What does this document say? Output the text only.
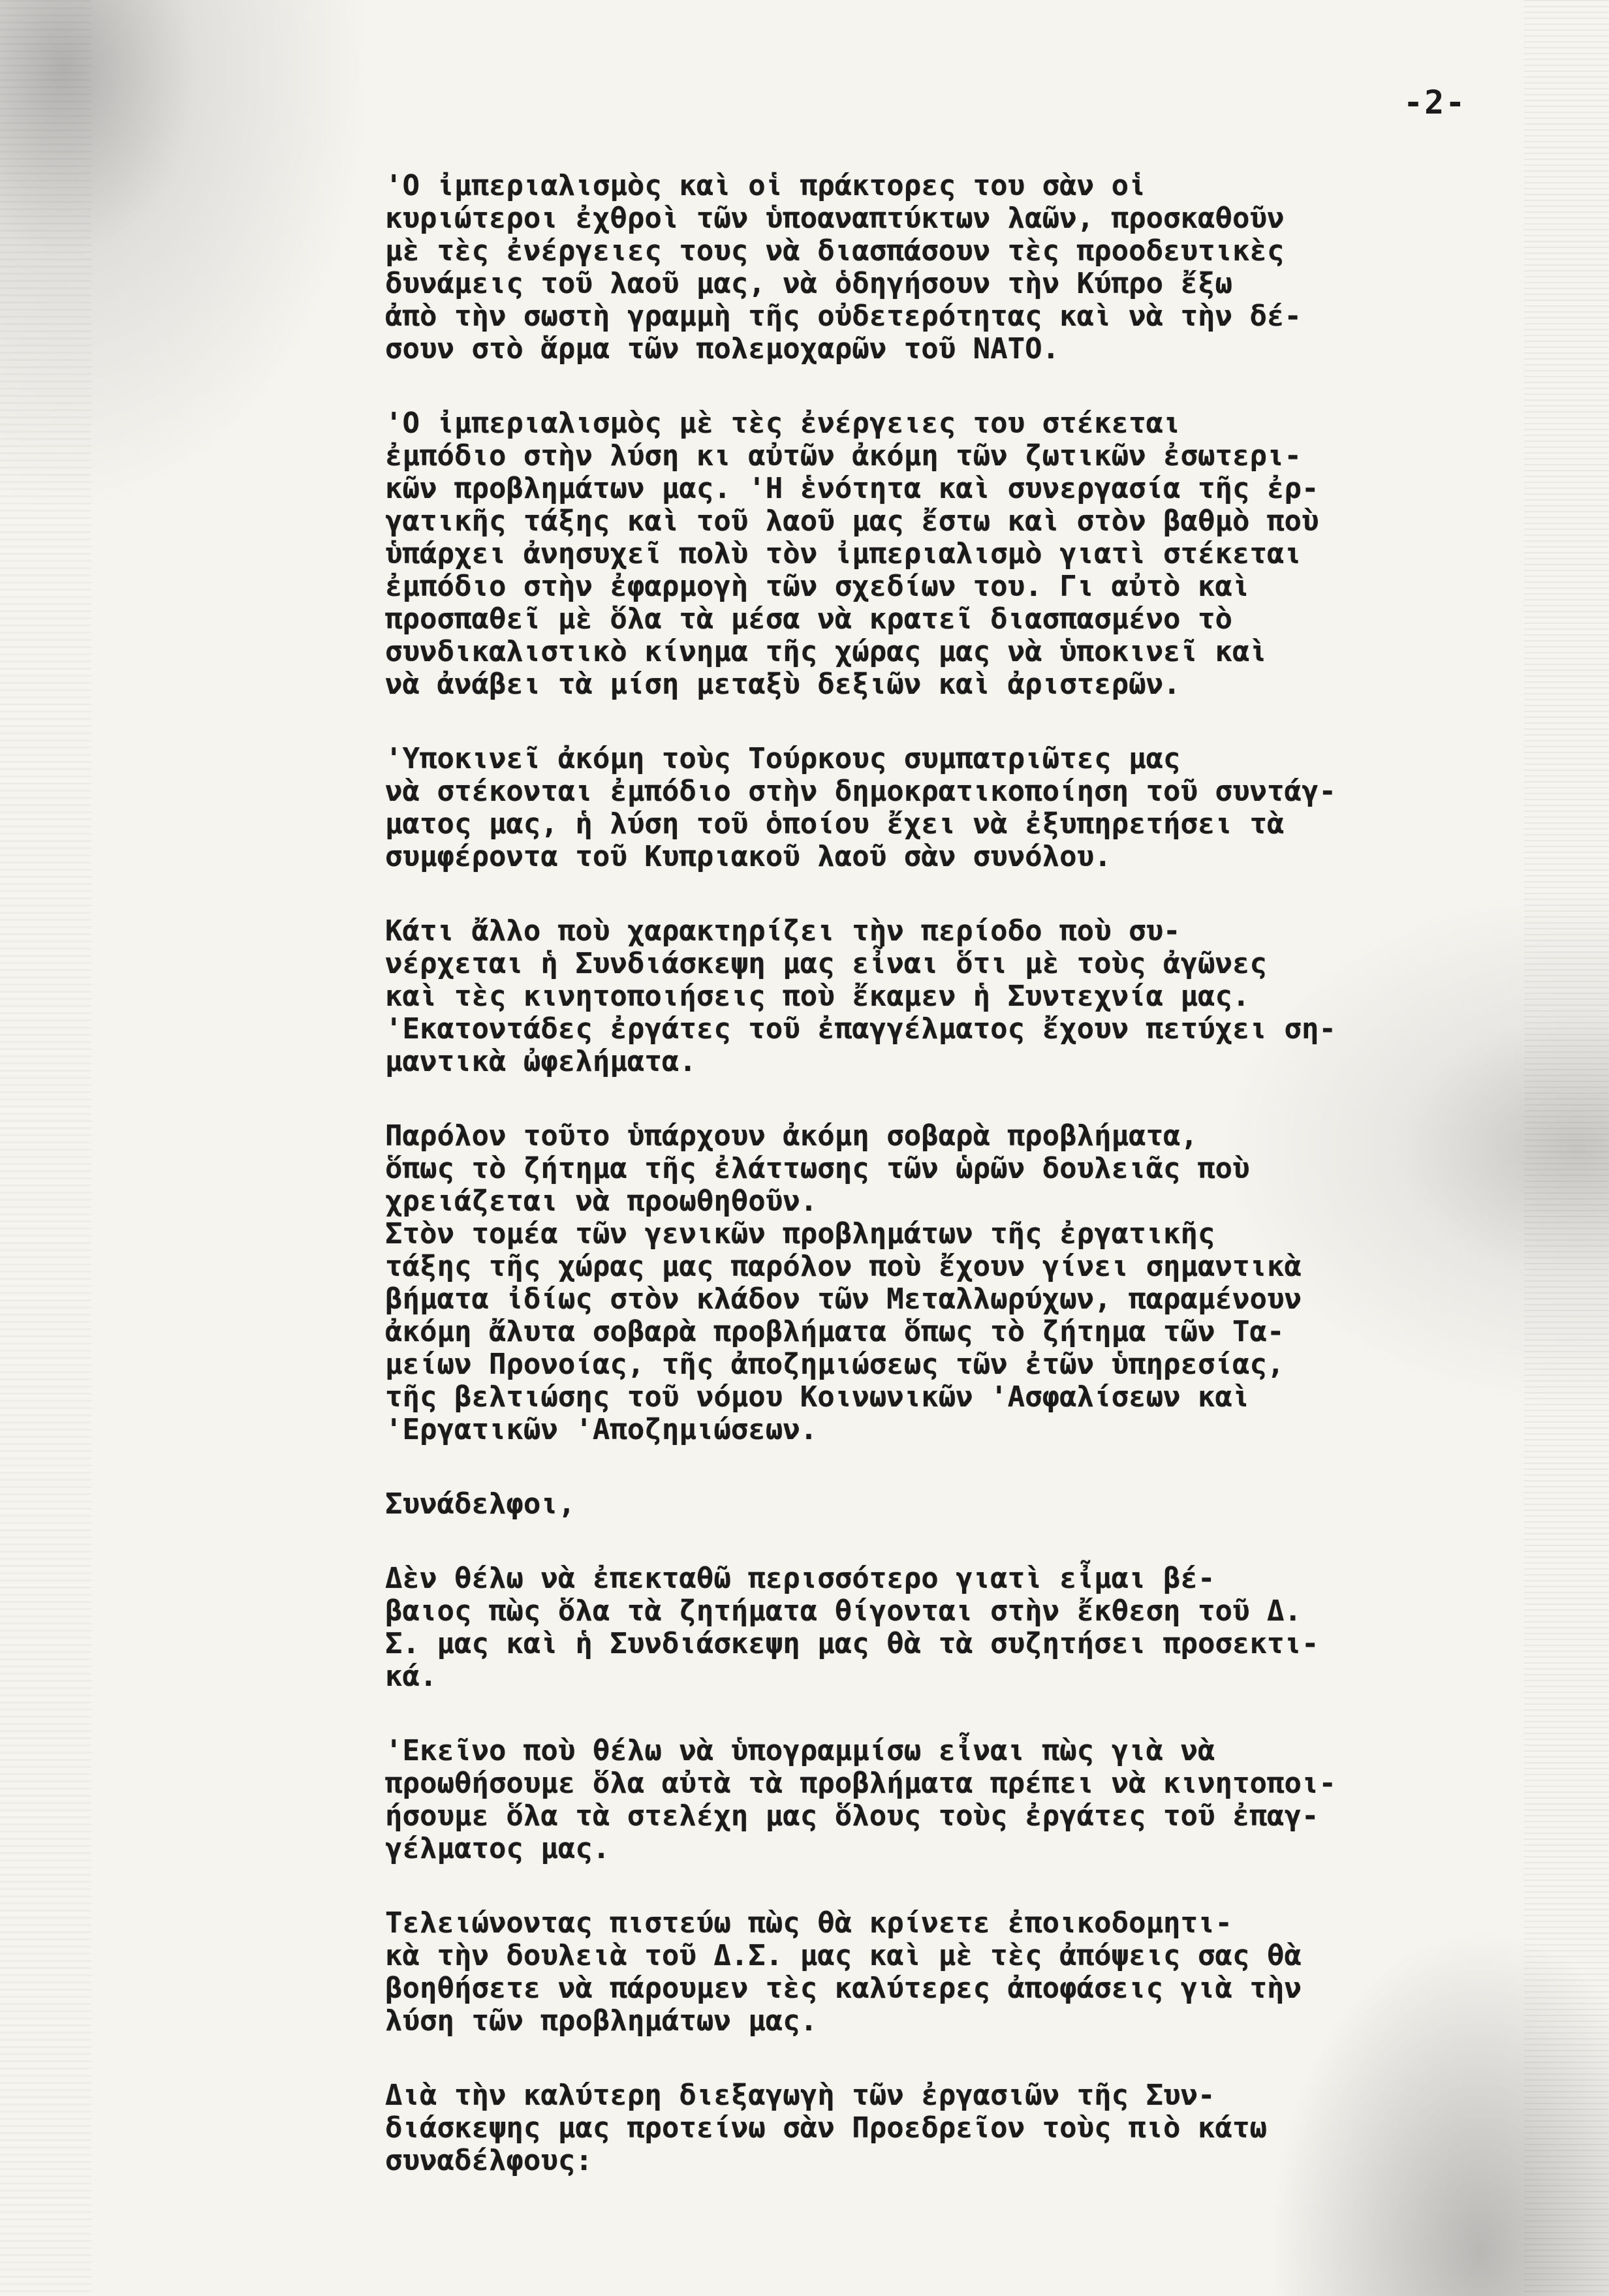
-2-
'Ο ἰμπεριαλισμὸς καὶ οἱ πράκτορες του σὰν οἱ
κυριώτεροι ἐχθροὶ τῶν ὑποαναπτύκτων λαῶν, προσκαθοῦν
μὲ τὲς ἐνέργειες τους νὰ διασπάσουν τὲς προοδευτικὲς
δυνάμεις τοῦ λαοῦ μας, νὰ ὁδηγήσουν τὴν Κύπρο ἔξω
ἀπὸ τὴν σωστὴ γραμμὴ τῆς οὐδετερότητας καὶ νὰ τὴν δέ-
σουν στὸ ἅρμα τῶν πολεμοχαρῶν τοῦ ΝΑΤΟ.
'Ο ἰμπεριαλισμὸς μὲ τὲς ἐνέργειες του στέκεται
ἐμπόδιο στὴν λύση κι αὐτῶν ἀκόμη τῶν ζωτικῶν ἐσωτερι-
κῶν προβλημάτων μας. 'Η ἑνότητα καὶ συνεργασία τῆς ἐρ-
γατικῆς τάξης καὶ τοῦ λαοῦ μας ἔστω καὶ στὸν βαθμὸ ποὺ
ὑπάρχει ἀνησυχεῖ πολὺ τὸν ἰμπεριαλισμὸ γιατὶ στέκεται
ἐμπόδιο στὴν ἐφαρμογὴ τῶν σχεδίων του. Γι αὐτὸ καὶ
προσπαθεῖ μὲ ὅλα τὰ μέσα νὰ κρατεῖ διασπασμένο τὸ
συνδικαλιστικὸ κίνημα τῆς χώρας μας νὰ ὑποκινεῖ καὶ
νὰ ἀνάβει τὰ μίση μεταξὺ δεξιῶν καὶ ἀριστερῶν.
'Υποκινεῖ ἀκόμη τοὺς Τούρκους συμπατριῶτες μας
νὰ στέκονται ἐμπόδιο στὴν δημοκρατικοποίηση τοῦ συντάγ-
ματος μας, ἡ λύση τοῦ ὁποίου ἔχει νὰ ἐξυπηρετήσει τὰ
συμφέροντα τοῦ Κυπριακοῦ λαοῦ σὰν συνόλου.
Κάτι ἄλλο ποὺ χαρακτηρίζει τὴν περίοδο ποὺ συ-
νέρχεται ἡ Συνδιάσκεψη μας εἶναι ὅτι μὲ τοὺς ἀγῶνες
καὶ τὲς κινητοποιήσεις ποὺ ἔκαμεν ἡ Συντεχνία μας.
'Εκατοντάδες ἐργάτες τοῦ ἐπαγγέλματος ἔχουν πετύχει ση-
μαντικὰ ὠφελήματα.
Παρόλον τοῦτο ὑπάρχουν ἀκόμη σοβαρὰ προβλήματα,
ὅπως τὸ ζήτημα τῆς ἐλάττωσης τῶν ὡρῶν δουλειᾶς ποὺ
χρειάζεται νὰ προωθηθοῦν.
Στὸν τομέα τῶν γενικῶν προβλημάτων τῆς ἐργατικῆς
τάξης τῆς χώρας μας παρόλον ποὺ ἔχουν γίνει σημαντικὰ
βήματα ἰδίως στὸν κλάδον τῶν Μεταλλωρύχων, παραμένουν
ἀκόμη ἄλυτα σοβαρὰ προβλήματα ὅπως τὸ ζήτημα τῶν Τα-
μείων Προνοίας, τῆς ἀποζημιώσεως τῶν ἐτῶν ὑπηρεσίας,
τῆς βελτιώσης τοῦ νόμου Κοινωνικῶν 'Ασφαλίσεων καὶ
'Εργατικῶν 'Αποζημιώσεων.
Συνάδελφοι,
Δὲν θέλω νὰ ἐπεκταθῶ περισσότερο γιατὶ εἶμαι βέ-
βαιος πὼς ὅλα τὰ ζητήματα θίγονται στὴν ἔκθεση τοῦ Δ.
Σ. μας καὶ ἡ Συνδιάσκεψη μας θὰ τὰ συζητήσει προσεκτι-
κά.
'Εκεῖνο ποὺ θέλω νὰ ὑπογραμμίσω εἶναι πὼς γιὰ νὰ
προωθήσουμε ὅλα αὐτὰ τὰ προβλήματα πρέπει νὰ κινητοποι-
ήσουμε ὅλα τὰ στελέχη μας ὅλους τοὺς ἐργάτες τοῦ ἐπαγ-
γέλματος μας.
Τελειώνοντας πιστεύω πὼς θὰ κρίνετε ἐποικοδομητι-
κὰ τὴν δουλειὰ τοῦ Δ.Σ. μας καὶ μὲ τὲς ἀπόψεις σας θὰ
βοηθήσετε νὰ πάρουμεν τὲς καλύτερες ἀποφάσεις γιὰ τὴν
λύση τῶν προβλημάτων μας.
Διὰ τὴν καλύτερη διεξαγωγὴ τῶν ἐργασιῶν τῆς Συν-
διάσκεψης μας προτείνω σὰν Προεδρεῖον τοὺς πιὸ κάτω
συναδέλφους:
